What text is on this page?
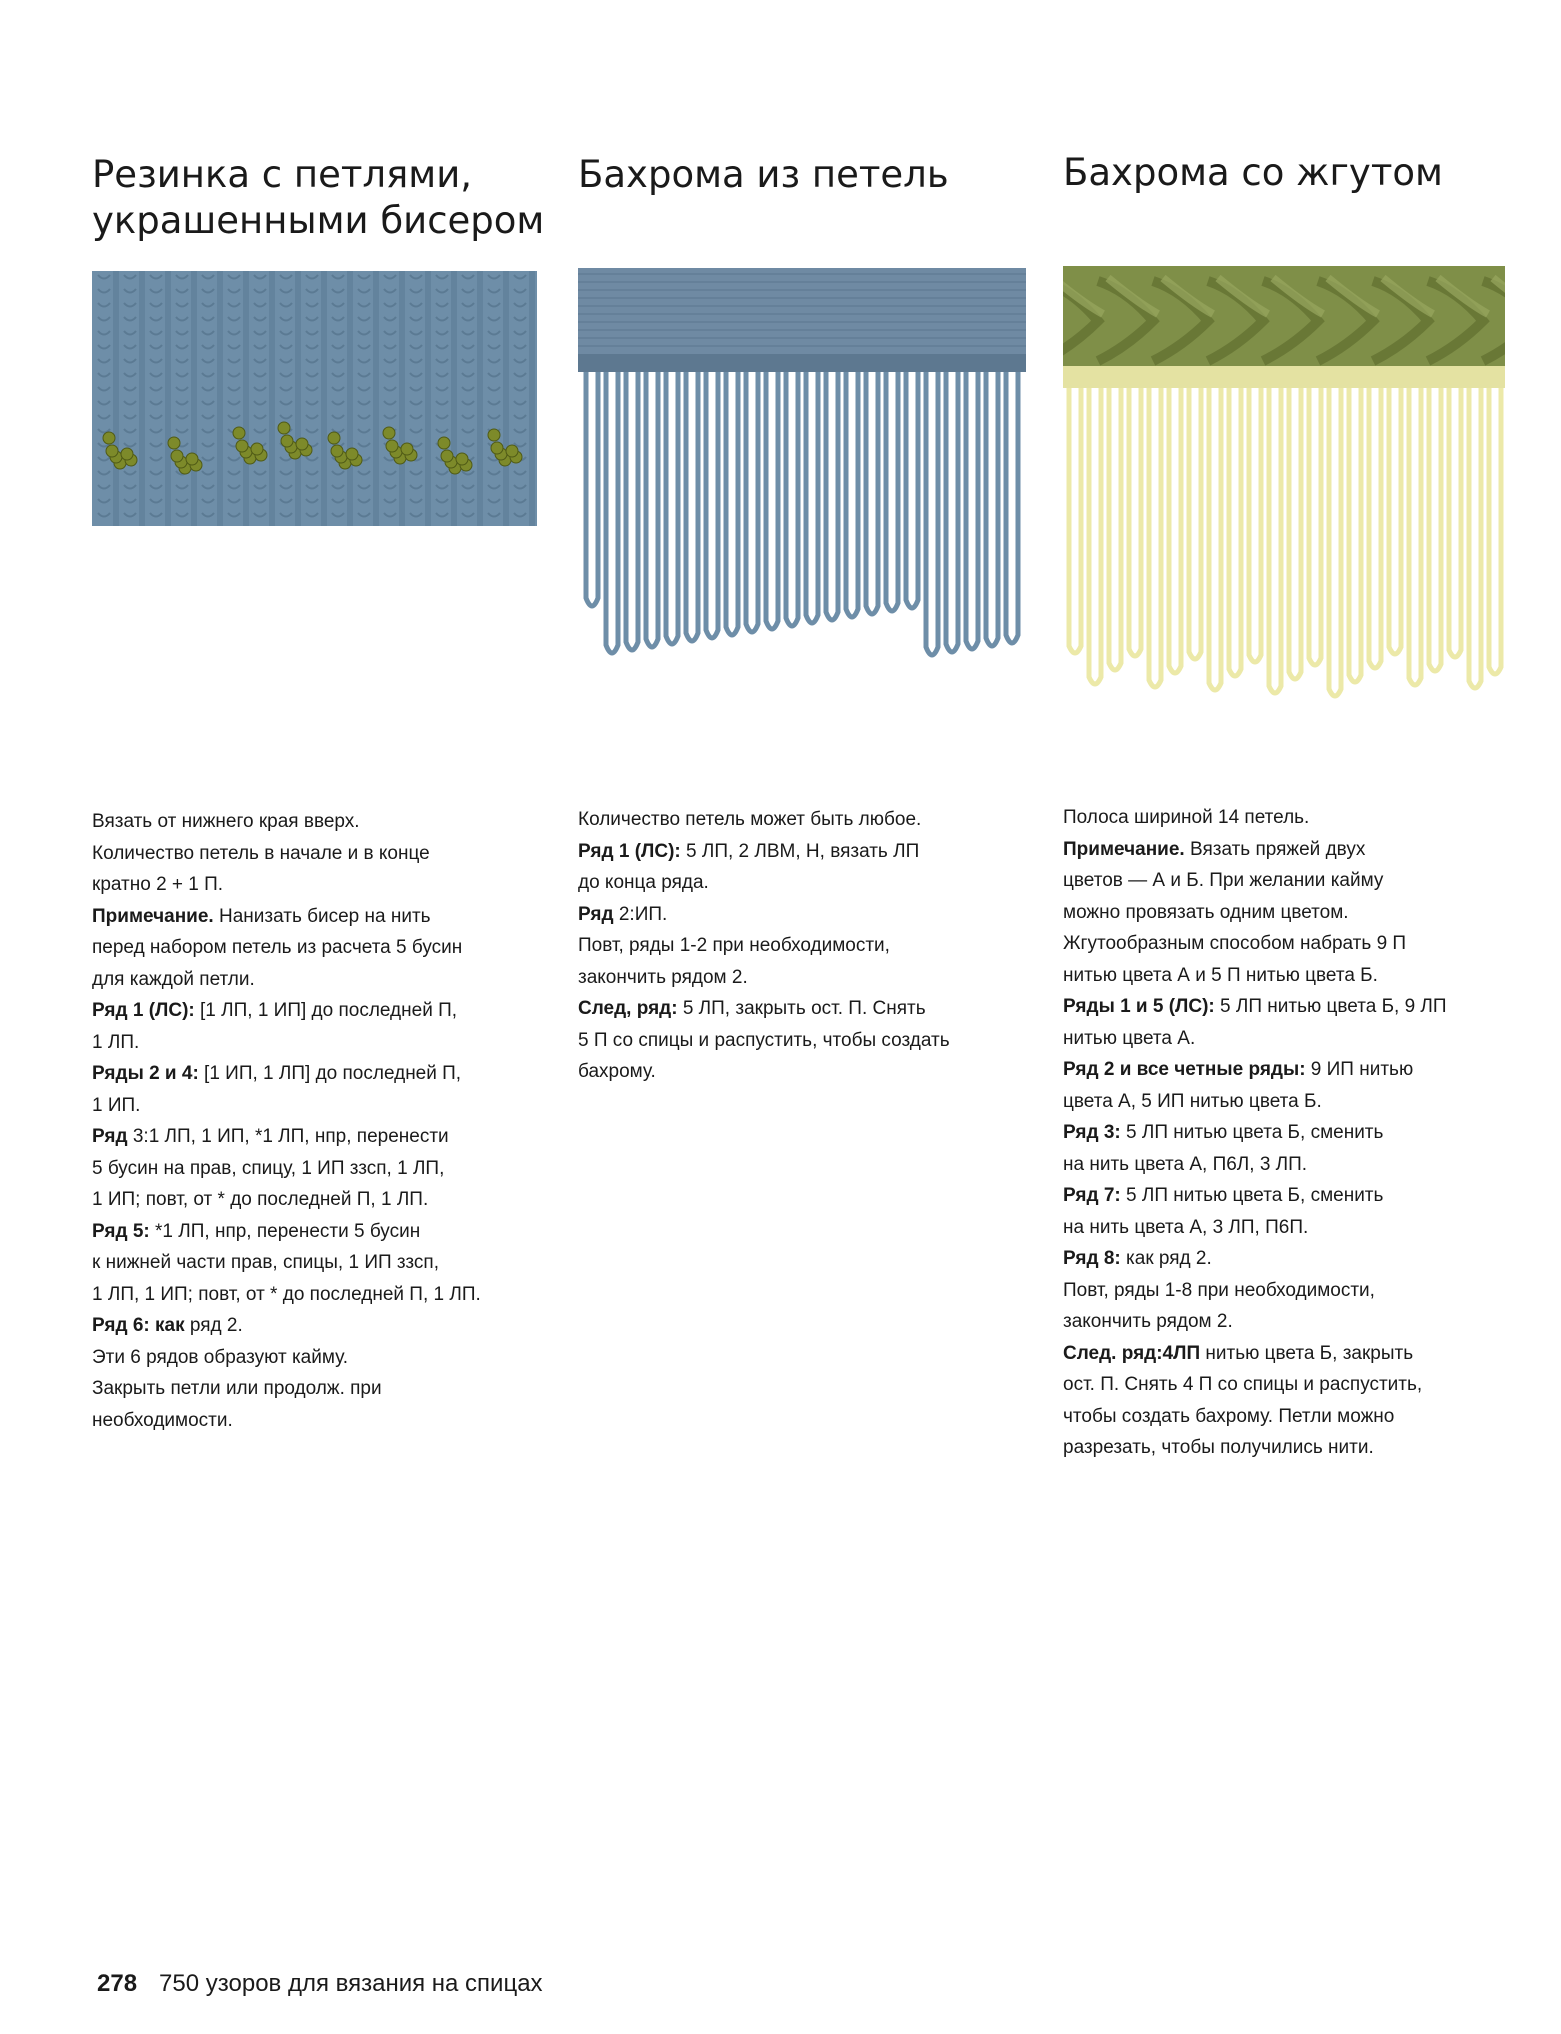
Резинка с петлями,
украшенными бисером

Вязать от нижнего края вверх.

Количество петель в начале и в конце

кратно 2 + 1 П.

Примечание. Нанизать бисер на нить

перед набором петель из расчета 5 бусин

для каждой петли.

Ряд 1 (ЛС): [1 ЛП, 1 ИП] до последней П,

1 ЛП.

Ряды 2 и 4: [1 ИП, 1 ЛП] до последней П,

1 ИП.

Ряд 3:1 ЛП, 1 ИП, *1 ЛП, нпр, перенести

5 бусин на прав, спицу, 1 ИП ззсп, 1 ЛП,

1 ИП; повт, от * до последней П, 1 ЛП.

Ряд 5: *1 ЛП, нпр, перенести 5 бусин

к нижней части прав, спицы, 1 ИП ззсп,

1 ЛП, 1 ИП; повт, от * до последней П, 1 ЛП.

Ряд 6: как ряд 2.

Эти 6 рядов образуют кайму.

Закрыть петли или продолж. при

необходимости.

Бахрома из петель

Количество петель может быть любое.

Ряд 1 (ЛС): 5 ЛП, 2 ЛВМ, Н, вязать ЛП

до конца ряда.

Ряд 2:ИП.

Повт, ряды 1-2 при необходимости,

закончить рядом 2.

След, ряд: 5 ЛП, закрыть ост. П. Снять

5 П со спицы и распустить, чтобы создать

бахрому.

Бахрома со жгутом

Полоса шириной 14 петель.

Примечание. Вязать пряжей двух

цветов — А и Б. При желании кайму

можно провязать одним цветом.

Жгутообразным способом набрать 9 П

нитью цвета А и 5 П нитью цвета Б.

Ряды 1 и 5 (ЛС): 5 ЛП нитью цвета Б, 9 ЛП

нитью цвета А.

Ряд 2 и все четные ряды: 9 ИП нитью

цвета А, 5 ИП нитью цвета Б.

Ряд 3: 5 ЛП нитью цвета Б, сменить

на нить цвета А, П6Л, 3 ЛП.

Ряд 7: 5 ЛП нитью цвета Б, сменить

на нить цвета А, 3 ЛП, П6П.

Ряд 8: как ряд 2.

Повт, ряды 1-8 при необходимости,

закончить рядом 2.

След. ряд:4ЛП нитью цвета Б, закрыть

ост. П. Снять 4 П со спицы и распустить,

чтобы создать бахрому. Петли можно

разрезать, чтобы получились нити.

278 750 узоров для вязания на спицах
